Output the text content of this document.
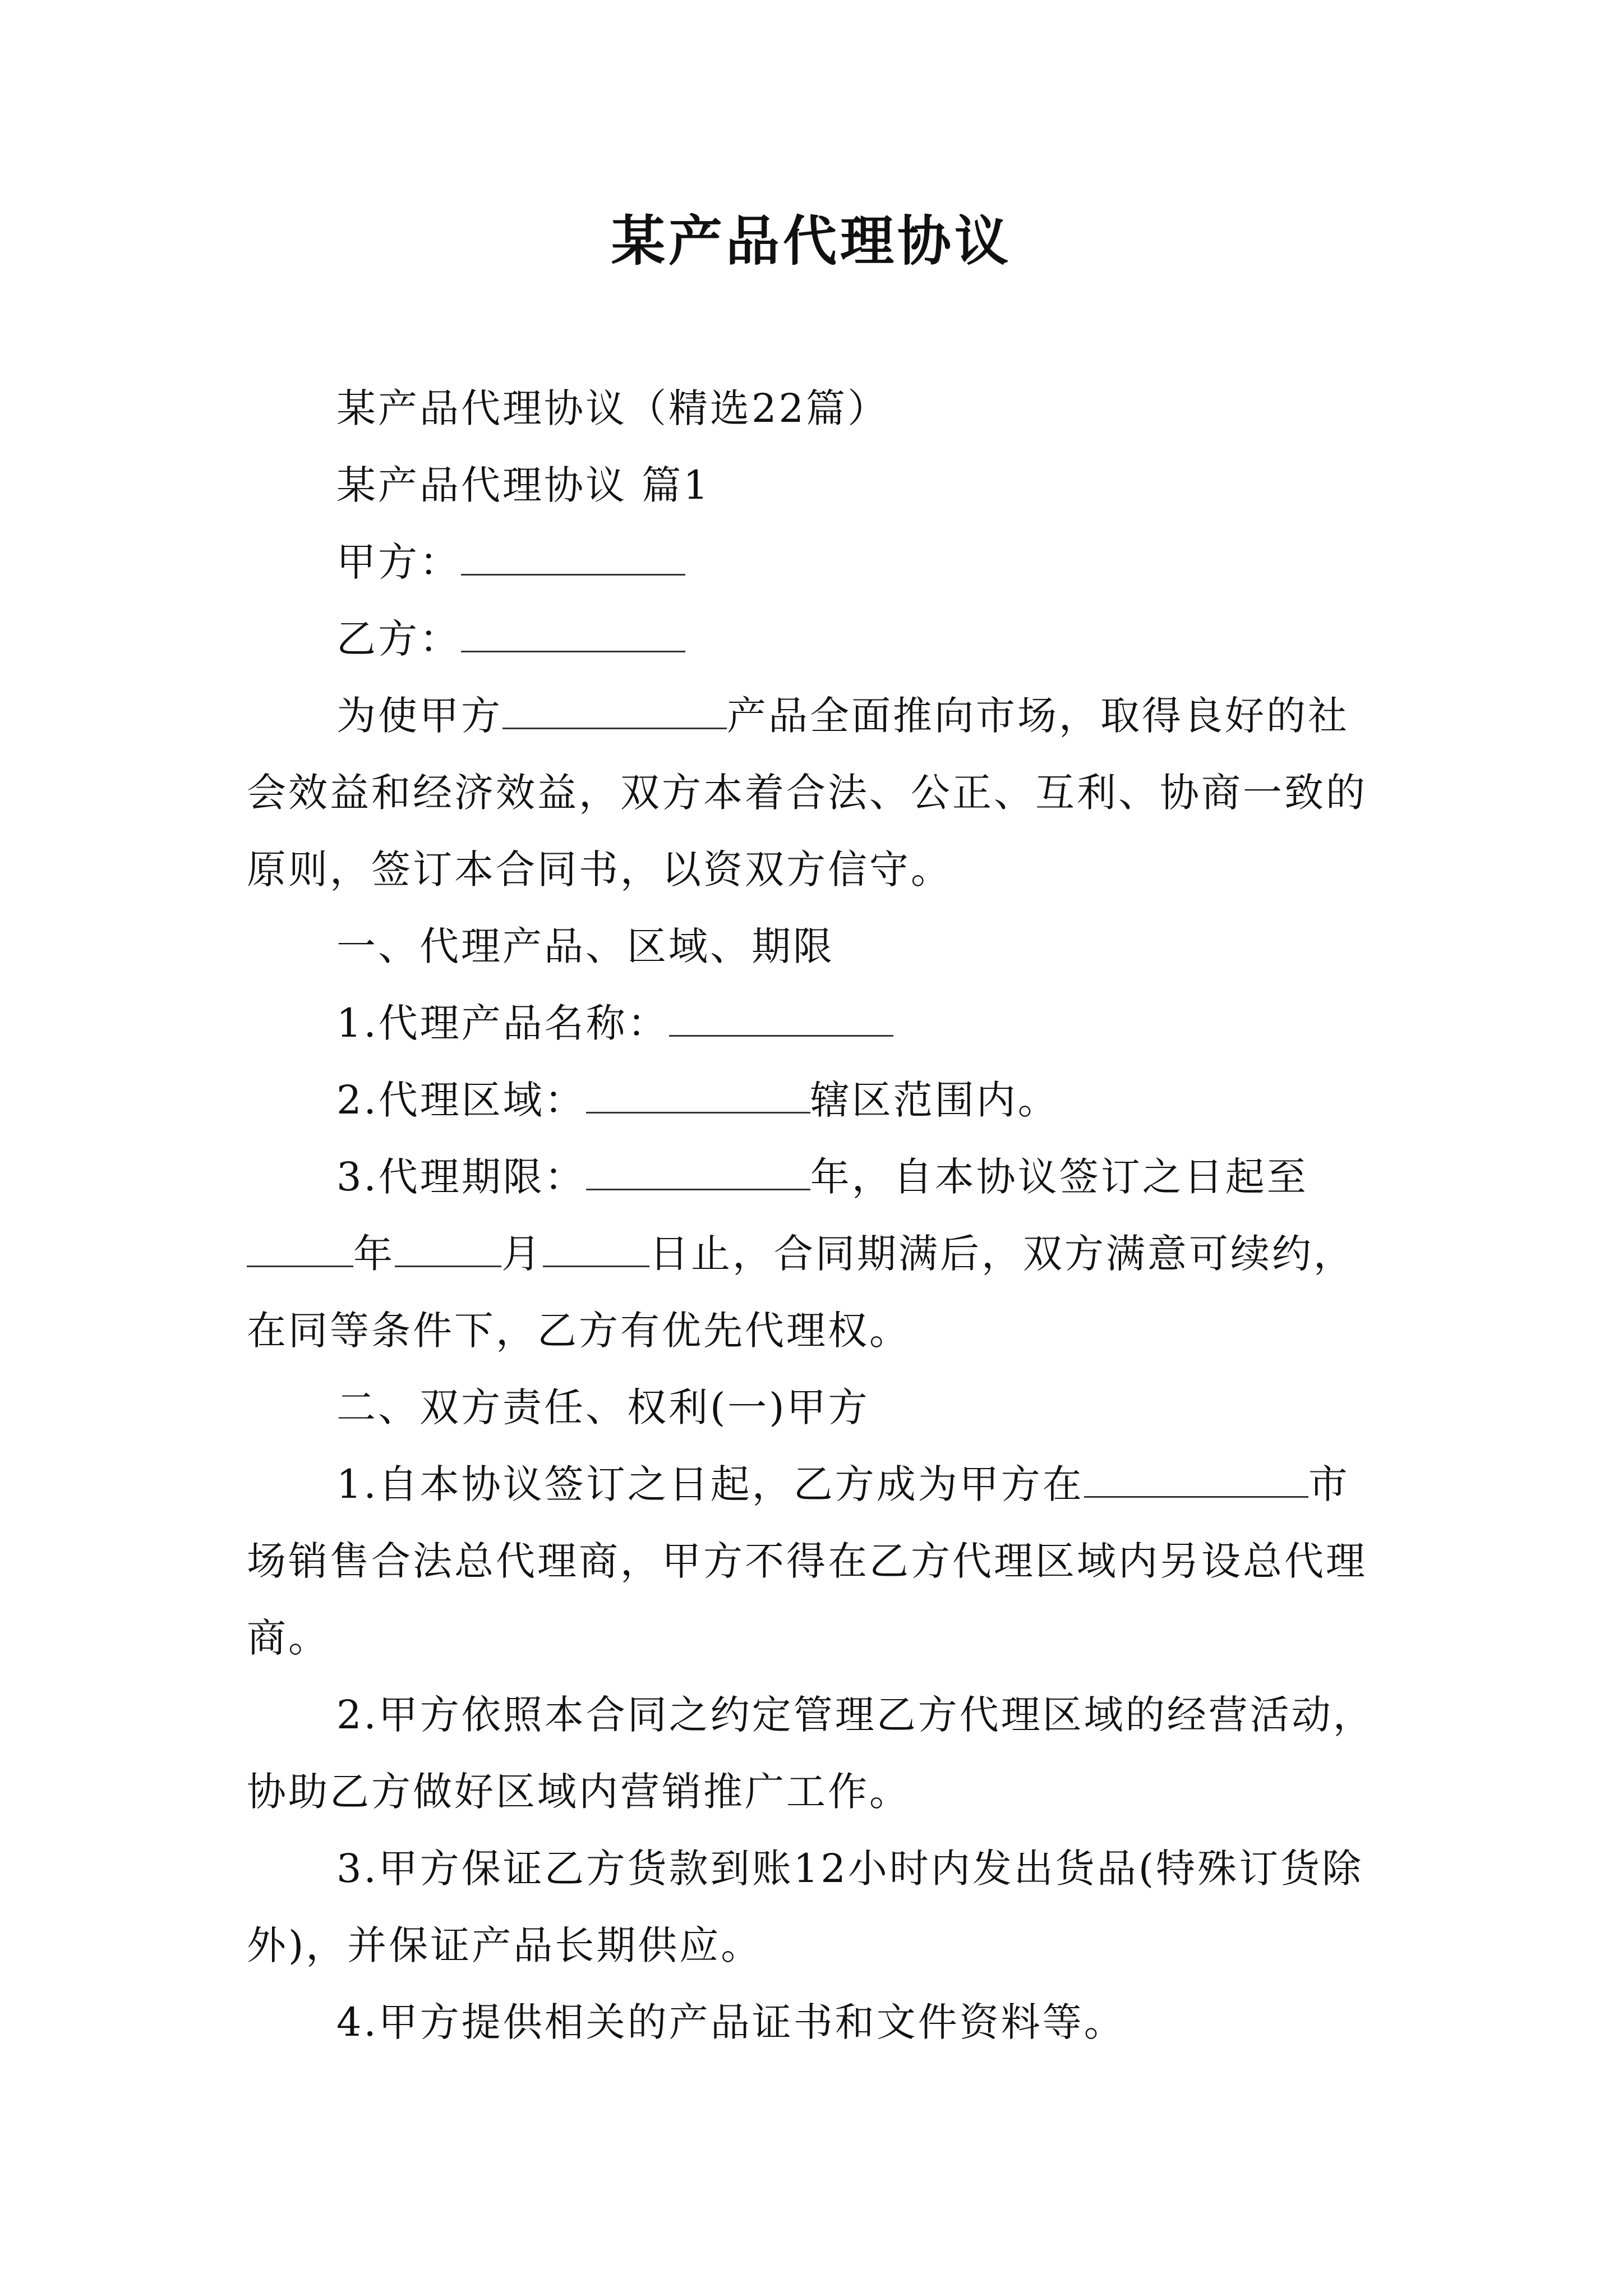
某产品代理协议

某产品代理协议（精选22篇）

某产品代理协议 篇1

甲方：

乙方：

为使甲方	产品全面推向市场，取得良好的社会效益和经济效益，双方本着合法、公正、互利、协商一致的原则，签订本合同书，以资双方信守。

一、代理产品、区域、期限

1.代理产品名称：

2.代理区域：	辖区范围内。

3.代理期限：	年，自本协议签订之日起至年	月	日止，合同期满后，双方满意可续约，在同等条件下，乙方有优先代理权。

二、双方责任、权利(一)甲方

1.自本协议签订之日起，乙方成为甲方在	市场销售合法总代理商，甲方不得在乙方代理区域内另设总代理商。

2.甲方依照本合同之约定管理乙方代理区域的经营活动，协助乙方做好区域内营销推广工作。

3.甲方保证乙方货款到账12小时内发出货品(特殊订货除外)，并保证产品长期供应。

4.甲方提供相关的产品证书和文件资料等。
